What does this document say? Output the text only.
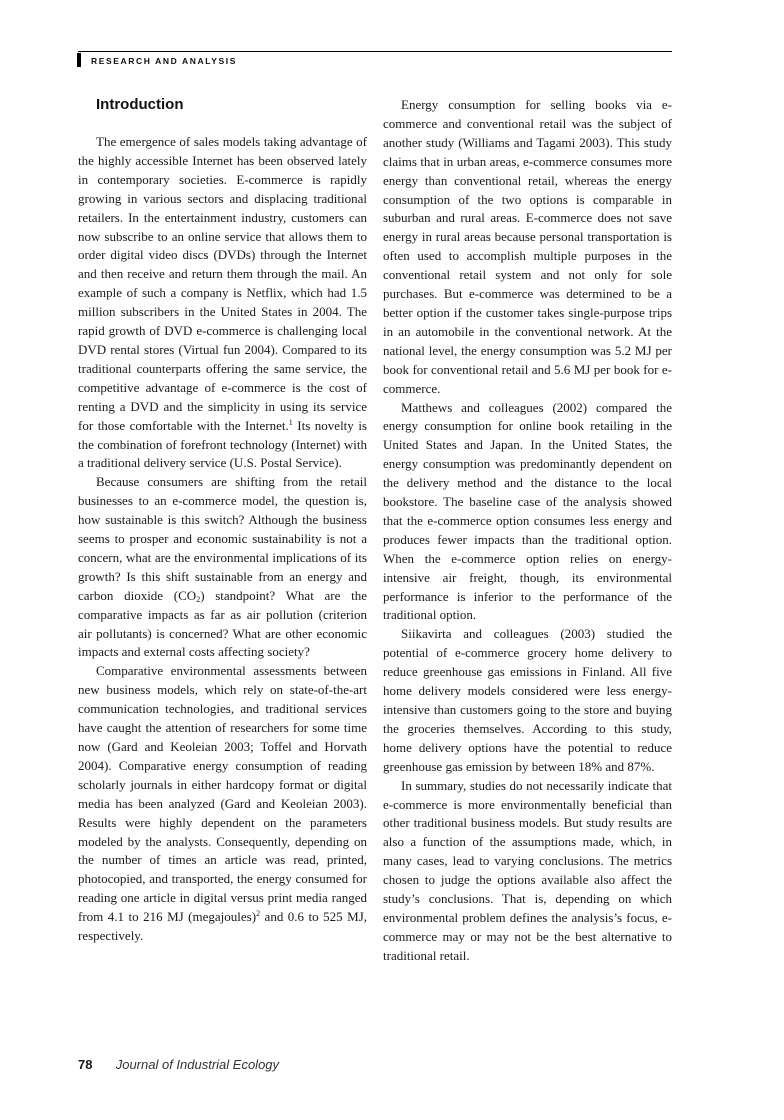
RESEARCH AND ANALYSIS
Introduction

The emergence of sales models taking advantage of the highly accessible Internet has been observed lately in contemporary societies. E-commerce is rapidly growing in various sectors and displacing traditional retailers. In the entertainment industry, customers can now subscribe to an online service that allows them to order digital video discs (DVDs) through the Internet and then receive and return them through the mail. An example of such a company is Netflix, which had 1.5 million subscribers in the United States in 2004. The rapid growth of DVD e-commerce is challenging local DVD rental stores (Virtual fun 2004). Compared to its traditional counterparts offering the same service, the competitive advantage of e-commerce is the cost of renting a DVD and the simplicity in using its service for those comfortable with the Internet.$^1$ Its novelty is the combination of forefront technology (Internet) with a traditional delivery service (U.S. Postal Service).

Because consumers are shifting from the retail businesses to an e-commerce model, the question is, how sustainable is this switch? Although the business seems to prosper and economic sustainability is not a concern, what are the environmental implications of its growth? Is this shift sustainable from an energy and carbon dioxide $(CO_2)$ standpoint? What are the comparative impacts as far as air pollution (criterion air pollutants) is concerned? What are other economic impacts and external costs affecting society?

Comparative environmental assessments between new business models, which rely on state-of-the-art communication technologies, and traditional services have caught the attention of researchers for some time now (Gard and Keoleian 2003; Toffel and Horvath 2004). Comparative energy consumption of reading scholarly journals in either hardcopy format or digital media has been analyzed (Gard and Keoleian 2003). Results were highly dependent on the parameters modeled by the analysts. Consequently, depending on the number of times an article was read, printed, photocopied, and transported, the energy consumed for reading one article in digital versus print media ranged from 4.1 to 216 MJ (megajoules)$^2$ and 0.6 to 525 MJ, respectively.

Energy consumption for selling books via e-commerce and conventional retail was the subject of another study (Williams and Tagami 2003). This study claims that in urban areas, e-commerce consumes more energy than conventional retail, whereas the energy consumption of the two options is comparable in suburban and rural areas. E-commerce does not save energy in rural areas because personal transportation is often used to accomplish multiple purposes in the conventional retail system and not only for sole purchases. But e-commerce was determined to be a better option if the customer takes single-purpose trips in an automobile in the conventional network. At the national level, the energy consumption was 5.2 MJ per book for conventional retail and 5.6 MJ per book for e-commerce.

Matthews and colleagues (2002) compared the energy consumption for online book retailing in the United States and Japan. In the United States, the energy consumption was predominantly dependent on the delivery method and the distance to the local bookstore. The baseline case of the analysis showed that the e-commerce option consumes less energy and produces fewer impacts than the traditional option. When the e-commerce option relies on energy-intensive air freight, though, its environmental performance is inferior to the performance of the traditional option.

Siikavirta and colleagues (2003) studied the potential of e-commerce grocery home delivery to reduce greenhouse gas emissions in Finland. All five home delivery models considered were less energy-intensive than customers going to the store and buying the groceries themselves. According to this study, home delivery options have the potential to reduce greenhouse gas emission by between 18% and 87%.

In summary, studies do not necessarily indicate that e-commerce is more environmentally beneficial than other traditional business models. But study results are also a function of the assumptions made, which, in many cases, lead to varying conclusions. The metrics chosen to judge the options available also affect the study’s conclusions. That is, depending on which environmental problem defines the analysis’s focus, e-commerce may or may not be the best alternative to traditional retail.

78 Journal of Industrial Ecology
